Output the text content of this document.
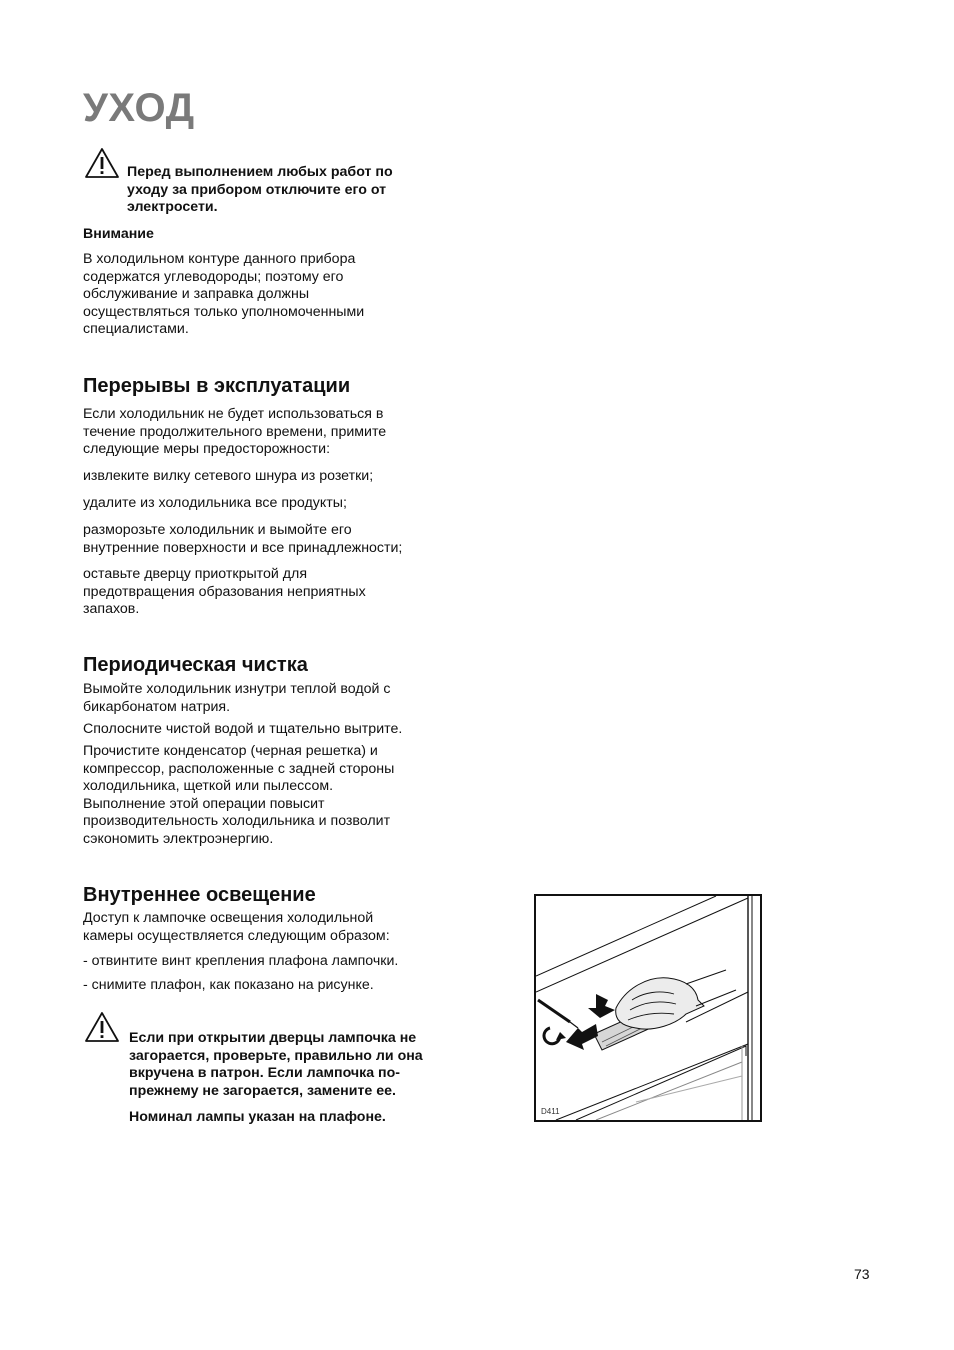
УХОД
Перед выполнением любых работ по
уходу за прибором отключите его от
электросети.
Внимание
В холодильном контуре данного прибора
содержатся углеводороды; поэтому его
обслуживание и заправка должны
осуществляться только уполномоченными
специалистами.
Перерывы в эксплуатации
Если холодильник не будет использоваться в
течение продолжительного времени, примите
следующие меры предосторожности:
извлеките вилку сетевого шнура из розетки;
удалите из холодильника все продукты;
разморозьте холодильник и вымойте его
внутренние поверхности и все принадлежности;
оставьте дверцу приоткрытой для
предотвращения образования неприятных
запахов.
Периодическая чистка
Вымойте холодильник изнутри теплой водой с
бикарбонатом натрия.
Сполосните чистой водой и тщательно вытрите.
Прочистите конденсатор (черная решетка) и
компрессор, расположенные с задней стороны
холодильника, щеткой или пылессом.
Выполнение этой операции повысит
производительность холодильника и позволит
сэкономить электроэнергию.
Внутреннее освещение
Доступ к лампочке освещения холодильной
камеры осуществляется следующим образом:
- отвинтите винт крепления плафона лампочки.
- снимите плафон, как показано на рисунке.
Если при открытии дверцы лампочка не
загорается, проверьте, правильно ли она
вкручена в патрон. Если лампочка по-
прежнему не загорается, замените ее.
Номинал лампы указан на плафоне.	D411
73
